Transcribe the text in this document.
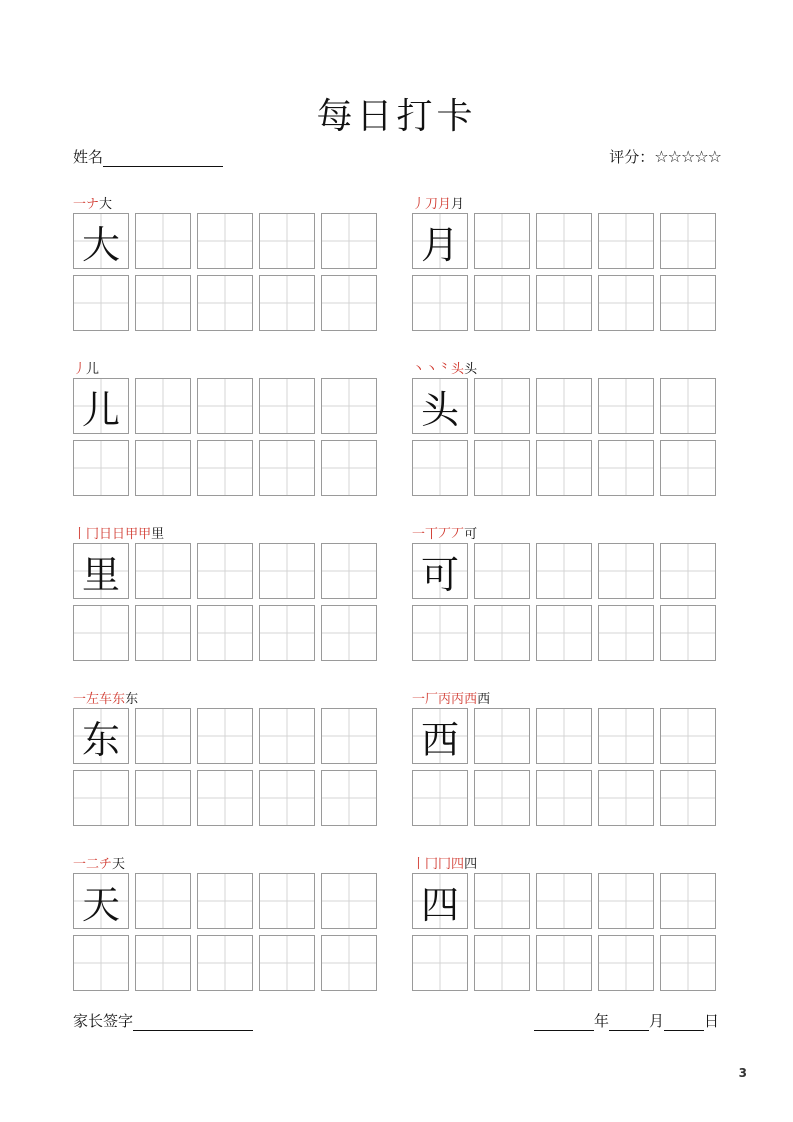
每日打卡
姓名	评分：☆☆☆☆☆
一ナ大
大
丿刀月月
月
丿儿
儿
丶丶⺀头头
头
丨冂日日甲甲里
里
一丅丆丆可
可
一左车东东
东
一厂丙丙西西
西
一二チ天
天
丨冂冂四四
四
家长签字	年	月	日
3
